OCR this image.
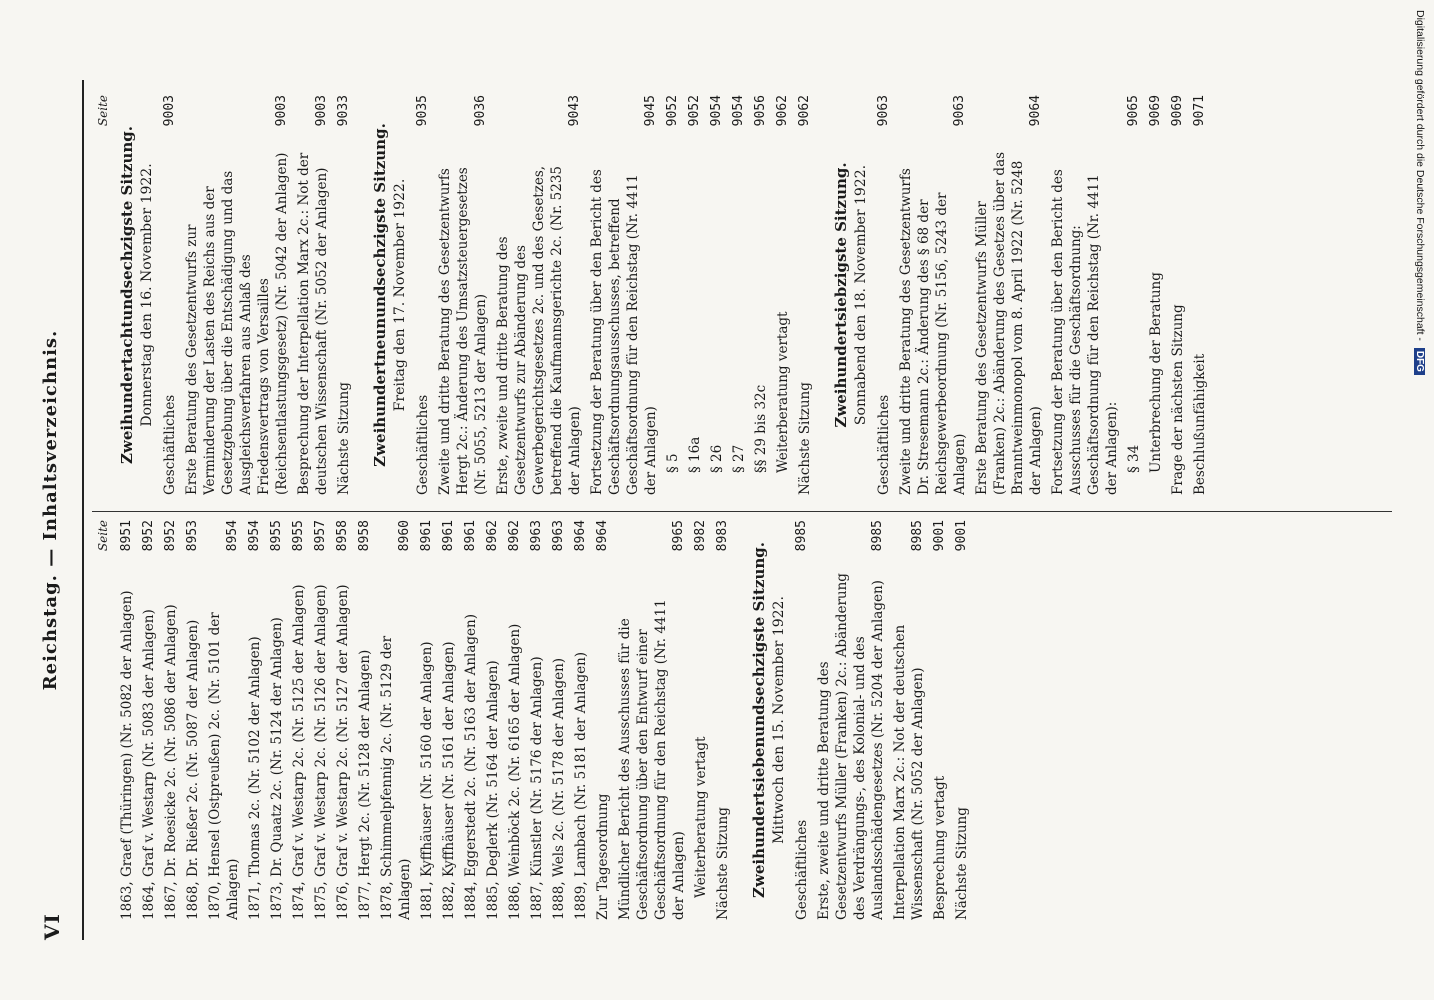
VI
Reichstag. — Inhaltsverzeichnis.	Seite
1863, Graef (Thüringen) (Nr. 5082 der Anlagen)
8951
1864, Graf v. Westarp (Nr. 5083 der Anlagen)
8952
1867, Dr. Roesicke 2c. (Nr. 5086 der Anlagen)
8952
1868, Dr. Rießer 2c. (Nr. 5087 der Anlagen)
8953
1870, Hensel (Ostpreußen) 2c. (Nr. 5101 der Anlagen)
8954
1871, Thomas 2c. (Nr. 5102 der Anlagen)
8954
1873, Dr. Quaatz 2c. (Nr. 5124 der Anlagen)
8955
1874, Graf v. Westarp 2c. (Nr. 5125 der Anlagen)
8955
1875, Graf v. Westarp 2c. (Nr. 5126 der Anlagen)
8957
1876, Graf v. Westarp 2c. (Nr. 5127 der Anlagen)
8958
1877, Hergt 2c. (Nr. 5128 der Anlagen)
8958
1878, Schimmelpfennig 2c. (Nr. 5129 der Anlagen)
8960
1881, Kyffhäuser (Nr. 5160 der Anlagen)
8961
1882, Kyffhäuser (Nr. 5161 der Anlagen)
8961
1884, Eggerstedt 2c. (Nr. 5163 der Anlagen)
8961
1885, Deglerk (Nr. 5164 der Anlagen)
8962
1886, Weinböck 2c. (Nr. 6165 der Anlagen)
8962
1887, Künstler (Nr. 5176 der Anlagen)
8963
1888, Wels 2c. (Nr. 5178 der Anlagen)
8963
1889, Lambach (Nr. 5181 der Anlagen)
8964
Zur Tagesordnung
8964
Mündlicher Bericht des Ausschusses für die Geschäftsordnung über den Entwurf einer Geschäftsordnung für den Reichstag (Nr. 4411 der Anlagen)
8965
Weiterberatung vertagt
8982
Nächste Sitzung
8983
Zweihundertsiebenundsechzigste Sitzung. Mittwoch den 15. November 1922.
Geschäftliches
8985
Erste, zweite und dritte Beratung des Gesetzentwurfs Müller (Franken) 2c.: Abänderung des Verdrängungs-, des Kolonial- und des Auslandsschädengesetzes (Nr. 5204 der Anlagen)
8985
Interpellation Marx 2c.: Not der deutschen Wissenschaft (Nr. 5052 der Anlagen)
8985
Besprechung vertagt
9001
Nächste Sitzung
9001
Seite
Zweihundertachtundsechzigste Sitzung. Donnerstag den 16. November 1922.
Geschäftliches
9003
Erste Beratung des Gesetzentwurfs zur Verminderung der Lasten des Reichs aus der Gesetzgebung über die Entschädigung und das Ausgleichsverfahren aus Anlaß des Friedensvertrags von Versailles (Reichsentlastungsgesetz) (Nr. 5042 der Anlagen)
9003
Besprechung der Interpellation Marx 2c.: Not der deutschen Wissenschaft (Nr. 5052 der Anlagen)
9003
Nächste Sitzung
9033
Zweihundertneunundsechzigste Sitzung. Freitag den 17. November 1922.
Geschäftliches
9035
Zweite und dritte Beratung des Gesetzentwurfs Hergt 2c.: Änderung des Umsatzsteuergesetzes (Nr. 5055, 5213 der Anlagen)
9036
Erste, zweite und dritte Beratung des Gesetzentwurfs zur Abänderung des Gewerbegerichtsgesetzes 2c. und des Gesetzes, betreffend die Kaufmannsgerichte 2c. (Nr. 5235 der Anlagen)
9043
Fortsetzung der Beratung über den Bericht des Geschäftsordnungsausschusses, betreffend Geschäftsordnung für den Reichstag (Nr. 4411 der Anlagen)
9045
§ 5
9052
§ 16a
9052
§ 26
9054
§ 27
9054
§§ 29 bis 32c
9056
Weiterberatung vertagt
9062
Nächste Sitzung
9062
Zweihundertsiebzigste Sitzung. Sonnabend den 18. November 1922.
Geschäftliches
9063
Zweite und dritte Beratung des Gesetzentwurfs Dr. Stresemann 2c.: Änderung des § 68 der Reichsgewerbeordnung (Nr. 5156, 5243 der Anlagen)
9063
Erste Beratung des Gesetzentwurfs Müller (Franken) 2c.: Abänderung des Gesetzes über das Branntweinmonopol vom 8. April 1922 (Nr. 5248 der Anlagen)
9064
Fortsetzung der Beratung über den Bericht des Ausschusses für die Geschäftsordnung: Geschäftsordnung für den Reichstag (Nr. 4411 der Anlagen): § 34
9065
Unterbrechung der Beratung
9069
Frage der nächsten Sitzung
9069
Beschlußunfähigkeit
9071	Digitalisierung gefördert durch die Deutsche Forschungsgemeinschaft - DFG
